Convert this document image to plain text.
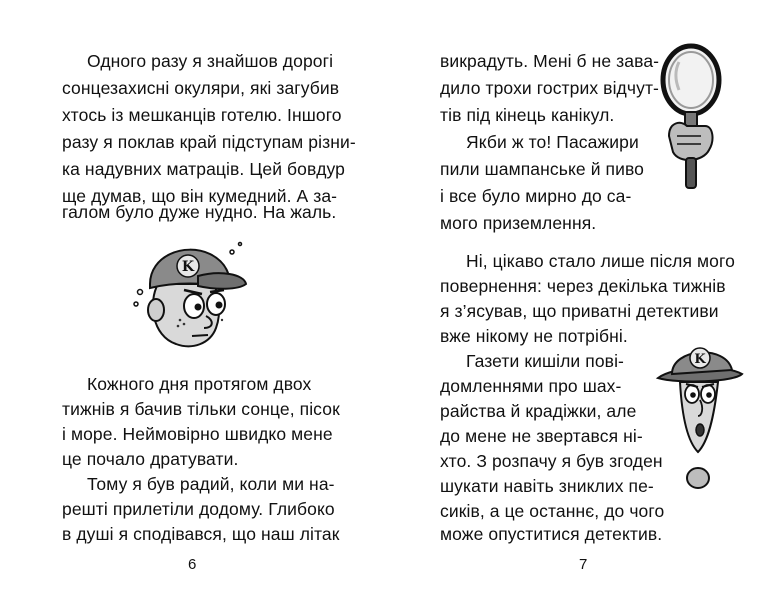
Одного разу я знайшов дорогі
сонцезахисні окуляри, які загубив
хтось із мешканців готелю. Іншого
разу я поклав край підступам різни-
ка надувних матраців. Цей бовдур
ще думав, що він кумедний. А за-
галом було дуже нудно. На жаль.
K
Кожного дня протягом двох
тижнів я бачив тільки сонце, пісок
і море. Неймовірно швидко мене
це почало дратувати.
Тому я був радий, коли ми на-
решті прилетіли додому. Глибоко
в душі я сподівався, що наш літак
6
викрадуть. Мені б не зава-
дило трохи гострих відчут-
тів під кінець канікул.
Якби ж то! Пасажири
пили шампанське й пиво
і все було мирно до са-
мого приземлення.
Ні, цікаво стало лише після мого
повернення: через декілька тижнів
я з’ясував, що приватні детективи
вже нікому не потрібні.
Газети кишіли пові-
домленнями про шах-
райства й крадіжки, але
до мене не звертався ні-
хто. З розпачу я був згоден
шукати навіть зниклих пе-
сиків, а це останнє, до чого
може опуститися детектив.
K
7
